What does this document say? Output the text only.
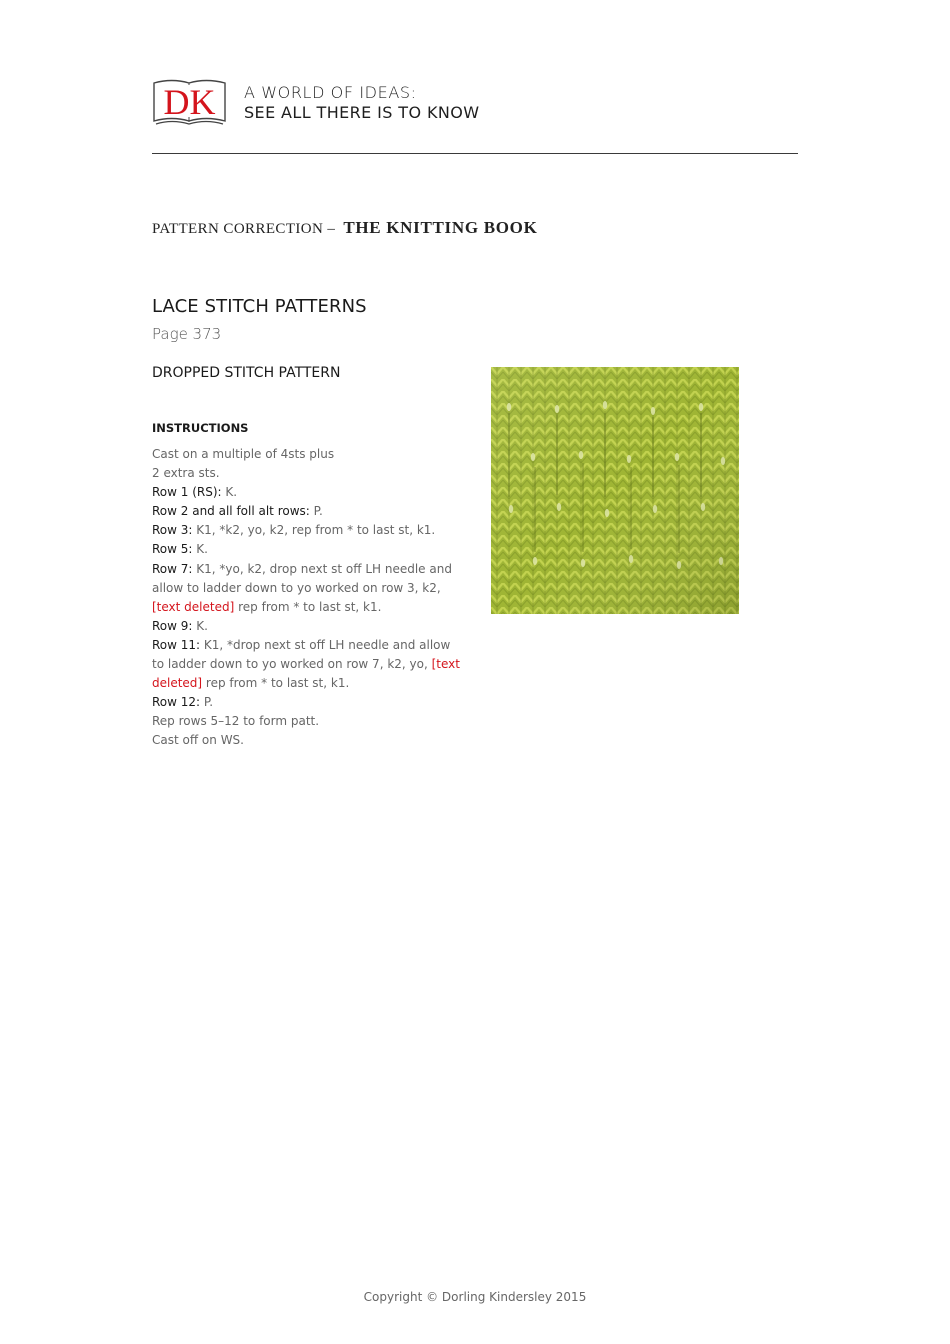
DK A WORLD OF IDEAS:
SEE ALL THERE IS TO KNOW
PATTERN CORRECTION – THE KNITTING BOOK
LACE STITCH PATTERNS
Page 373
DROPPED STITCH PATTERN
INSTRUCTIONS

Cast on a multiple of 4sts plus
2 extra sts.

Row 1 (RS): K.

Row 2 and all foll alt rows: P.

Row 3: K1, *k2, yo, k2, rep from * to last st, k1.

Row 5: K.

Row 7: K1, *yo, k2, drop next st off LH needle and allow to ladder down to yo worked on row 3, k2, [text deleted] rep from * to last st, k1.

Row 9: K.

Row 11: K1, *drop next st off LH needle and allow to ladder down to yo worked on row 7, k2, yo, [text deleted] rep from * to last st, k1.

Row 12: P.

Rep rows 5–12 to form patt.

Cast off on WS.

Copyright © Dorling Kindersley 2015
